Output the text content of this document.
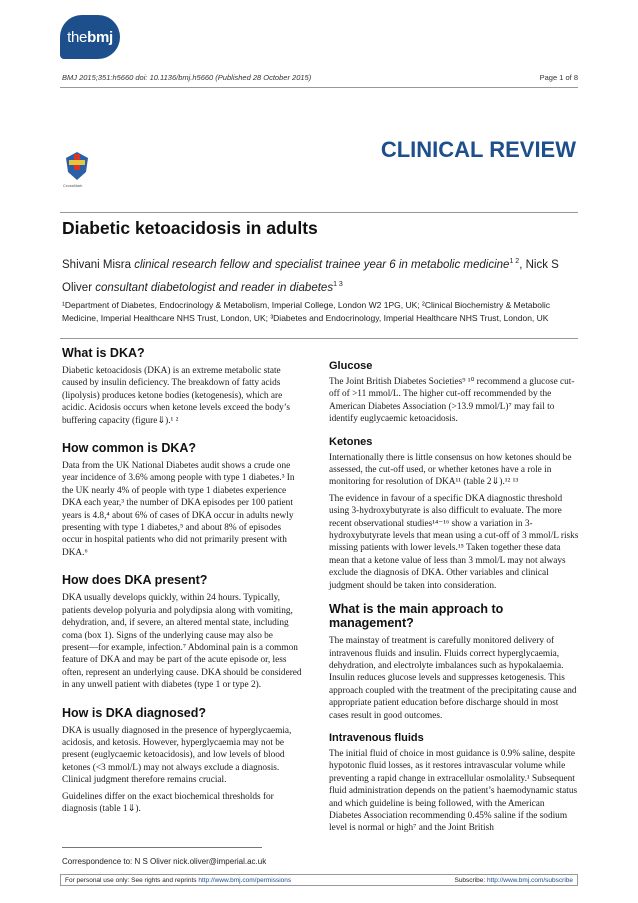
thebmj
BMJ 2015;351:h5660 doi: 10.1136/bmj.h5660 (Published 28 October 2015)	Page 1 of 8
CrossMark
CLINICAL REVIEW
Diabetic ketoacidosis in adults
Shivani Misra clinical research fellow and specialist trainee year 6 in metabolic medicine$^{1 2}$, Nick S Oliver consultant diabetologist and reader in diabetes$^{1 3}$
¹Department of Diabetes, Endocrinology & Metabolism, Imperial College, London W2 1PG, UK; ²Clinical Biochemistry & Metabolic Medicine, Imperial Healthcare NHS Trust, London, UK; ³Diabetes and Endocrinology, Imperial Healthcare NHS Trust, London, UK
What is DKA?

Diabetic ketoacidosis (DKA) is an extreme metabolic state caused by insulin deficiency. The breakdown of fatty acids (lipolysis) produces ketone bodies (ketogenesis), which are acidic. Acidosis occurs when ketone levels exceed the body’s buffering capacity (figure⇓).¹ ²

How common is DKA?

Data from the UK National Diabetes audit shows a crude one year incidence of 3.6% among people with type 1 diabetes.³ In the UK nearly 4% of people with type 1 diabetes experience DKA each year,³ the number of DKA episodes per 100 patient years is 4.8,⁴ about 6% of cases of DKA occur in adults newly presenting with type 1 diabetes,⁵ and about 8% of episodes occur in hospital patients who did not primarily present with DKA.⁶

How does DKA present?

DKA usually develops quickly, within 24 hours. Typically, patients develop polyuria and polydipsia along with vomiting, dehydration, and, if severe, an altered mental state, including coma (box 1). Signs of the underlying cause may also be present—for example, infection.⁷ Abdominal pain is a common feature of DKA and may be part of the acute episode or, less often, represent an underlying cause. DKA should be considered in any unwell patient with diabetes (type 1 or type 2).

How is DKA diagnosed?

DKA is usually diagnosed in the presence of hyperglycaemia, acidosis, and ketosis. However, hyperglycaemia may not be present (euglycaemic ketoacidosis), and low levels of blood ketones (<3 mmol/L) may not always exclude a diagnosis. Clinical judgment therefore remains crucial.

Guidelines differ on the exact biochemical thresholds for diagnosis (table 1⇓).

Glucose

The Joint British Diabetes Societies⁹ ¹⁰ recommend a glucose cut-off of >11 mmol/L. The higher cut-off recommended by the American Diabetes Association (>13.9 mmol/L)⁷ may fail to identify euglycaemic ketoacidosis.

Ketones

Internationally there is little consensus on how ketones should be assessed, the cut-off used, or whether ketones have a role in monitoring for resolution of DKA¹¹ (table 2⇓).¹² ¹³

The evidence in favour of a specific DKA diagnostic threshold using 3-hydroxybutyrate is also difficult to evaluate. The more recent observational studies¹⁴⁻¹⁶ show a variation in 3-hydroxybutyrate levels that mean using a cut-off of 3 mmol/L risks missing patients with lower levels.¹⁵ Taken together these data mean that a ketone value of less than 3 mmol/L may not always exclude the diagnosis of DKA. Other variables and clinical judgment should be taken into consideration.

What is the main approach to management?

The mainstay of treatment is carefully monitored delivery of intravenous fluids and insulin. Fluids correct hyperglycaemia, dehydration, and electrolyte imbalances such as hypokalaemia. Insulin reduces glucose levels and suppresses ketogenesis. This approach coupled with the treatment of the precipitating cause and appropriate patient education before discharge should in most cases result in good outcomes.

Intravenous fluids

The initial fluid of choice in most guidance is 0.9% saline, despite hypotonic fluid losses, as it restores intravascular volume while preventing a rapid change in extracellular osmolality.¹ Subsequent fluid administration depends on the patient’s haemodynamic status and which guideline is being followed, with the American Diabetes Association recommending 0.45% saline if the sodium level is normal or high⁷ and the Joint British

Correspondence to: N S Oliver nick.oliver@imperial.ac.uk
For personal use only: See rights and reprints http://www.bmj.com/permissions	Subscribe: http://www.bmj.com/subscribe
